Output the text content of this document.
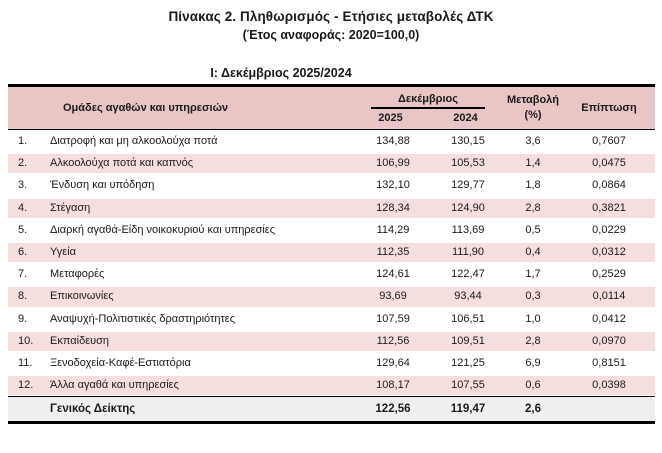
Πίνακας 2. Πληθωρισμός - Ετήσιες μεταβολές ΔΤΚ
(Έτος αναφοράς: 2020=100,0)
Ι: Δεκέμβριος 2025/2024
Ομάδες αγαθών και υπηρεσιών
Δεκέμβριος
2025	2024
Μεταβολή
(%)
Επίπτωση
1.	Διατροφή και μη αλκοολούχα ποτά	134,88	130,15	3,6	0,7607
2.	Αλκοολούχα ποτά και καπνός	106,99	105,53	1,4	0,0475
3.	Ένδυση και υπόδηση	132,10	129,77	1,8	0,0864
4.	Στέγαση	128,34	124,90	2,8	0,3821
5.	Διαρκή αγαθά-Είδη νοικοκυριού και υπηρεσίες	114,29	113,69	0,5	0,0229
6.	Υγεία	112,35	111,90	0,4	0,0312
7.	Μεταφορές	124,61	122,47	1,7	0,2529
8.	Επικοινωνίες	93,69	93,44	0,3	0,0114
9.	Αναψυχή-Πολιτιστικές δραστηριότητες	107,59	106,51	1,0	0,0412
10.	Εκπαίδευση	112,56	109,51	2,8	0,0970
11.	Ξενοδοχεία-Καφέ-Εστιατόρια	129,64	121,25	6,9	0,8151
12.	Άλλα αγαθά και υπηρεσίες	108,17	107,55	0,6	0,0398
Γενικός Δείκτης	122,56	119,47	2,6
